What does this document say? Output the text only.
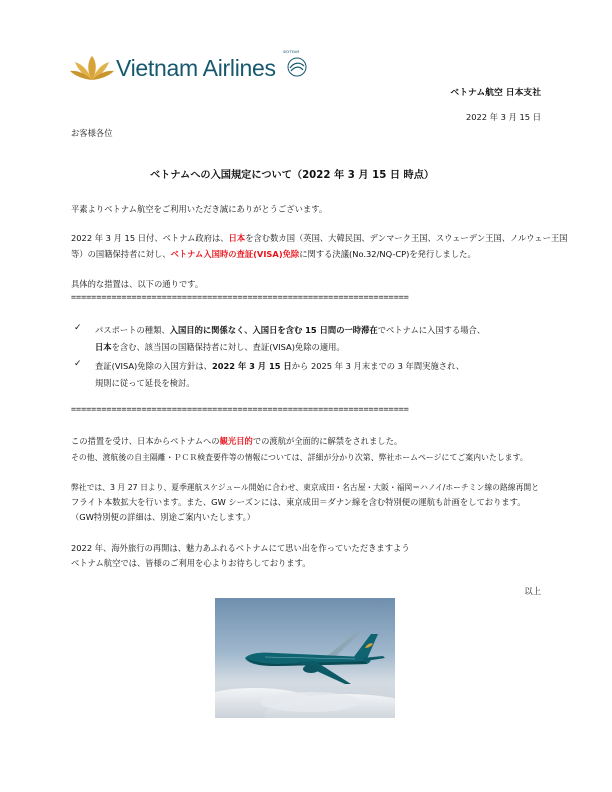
Vietnam Airlines
SKYTEAM
ベトナム航空 日本支社
2022 年 3 月 15 日
お客様各位
ベトナムへの入国規定について（2022 年 3 月 15 日 時点）
平素よりベトナム航空をご利用いただき誠にありがとうございます。
2022 年 3 月 15 日付、ベトナム政府は、日本を含む数カ国（英国、大韓民国、デンマーク王国、スウェーデン王国、ノルウェー王国
等）の国籍保持者に対し、ベトナム入国時の査証(VISA)免除に関する決議(No.32/NQ-CP)を発行しました。
具体的な措置は、以下の通りです。
===================================================================
✓ パスポートの種類、入国目的に関係なく、入国日を含む 15 日間の一時滞在でベトナムに入国する場合、
日本を含む、該当国の国籍保持者に対し、査証(VISA)免除の適用。
✓ 査証(VISA)免除の入国方針は、2022 年 3 月 15 日から 2025 年 3 月末までの 3 年間実施され、
規則に従って延長を検討。
===================================================================
この措置を受け、日本からベトナムへの観光目的での渡航が全面的に解禁をされました。
その他、渡航後の自主隔離・ＰＣＲ検査要件等の情報については、詳細が分かり次第、弊社ホームページにてご案内いたします。
弊社では、3 月 27 日より、夏季運航スケジュール開始に合わせ、東京成田・名古屋・大阪・福岡＝ハノイ/ホーチミン線の路線再開と
フライト本数拡大を行います。また、GW シーズンには、東京成田＝ダナン線を含む特別便の運航も計画をしております。
（GW特別便の詳細は、別途ご案内いたします。）
2022 年、海外旅行の再開は、魅力あふれるベトナムにて思い出を作っていただきますよう
ベトナム航空では、皆様のご利用を心よりお待ちしております。
以上
